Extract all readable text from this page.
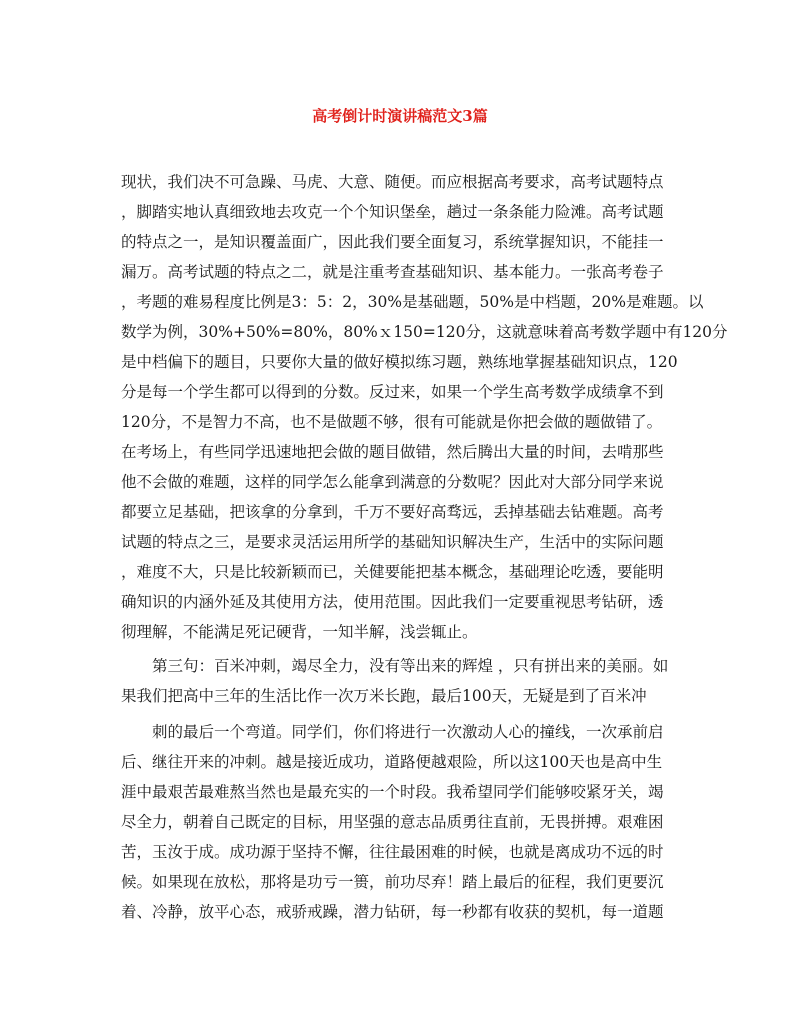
高考倒计时演讲稿范文3篇

现状，我们决不可急躁、马虎、大意、随便。而应根据高考要求，高考试题特点

，脚踏实地认真细致地去攻克一个个知识堡垒，趟过一条条能力险滩。高考试题

的特点之一，是知识覆盖面广，因此我们要全面复习，系统掌握知识，不能挂一

漏万。高考试题的特点之二，就是注重考查基础知识、基本能力。一张高考卷子

，考题的难易程度比例是3：5：2，30%是基础题，50%是中档题，20%是难题。以

数学为例，30%+50%=80%，80%ｘ150=120分，这就意味着高考数学题中有120分

是中档偏下的题目，只要你大量的做好模拟练习题，熟练地掌握基础知识点，120

分是每一个学生都可以得到的分数。反过来，如果一个学生高考数学成绩拿不到

120分，不是智力不高，也不是做题不够，很有可能就是你把会做的题做错了。

在考场上，有些同学迅速地把会做的题目做错，然后腾出大量的时间，去啃那些

他不会做的难题，这样的同学怎么能拿到满意的分数呢？因此对大部分同学来说

都要立足基础，把该拿的分拿到，千万不要好高骛远，丢掉基础去钻难题。高考

试题的特点之三，是要求灵活运用所学的基础知识解决生产，生活中的实际问题

，难度不大，只是比较新颖而已，关健要能把基本概念，基础理论吃透，要能明

确知识的内涵外延及其使用方法，使用范围。因此我们一定要重视思考钻研，透

彻理解，不能满足死记硬背，一知半解，浅尝辄止。

第三句：百米冲刺，竭尽全力，没有等出来的辉煌 ，只有拼出来的美丽。如

果我们把高中三年的生活比作一次万米长跑，最后100天，无疑是到了百米冲

刺的最后一个弯道。同学们，你们将进行一次激动人心的撞线，一次承前启

后、继往开来的冲刺。越是接近成功，道路便越艰险，所以这100天也是高中生

涯中最艰苦最难熬当然也是最充实的一个时段。我希望同学们能够咬紧牙关，竭

尽全力，朝着自己既定的目标，用坚强的意志品质勇往直前，无畏拼搏。艰难困

苦，玉汝于成。成功源于坚持不懈，往往最困难的时候，也就是离成功不远的时

候。如果现在放松，那将是功亏一篑，前功尽弃！踏上最后的征程，我们更要沉

着、冷静，放平心态，戒骄戒躁，潜力钻研，每一秒都有收获的契机，每一道题
